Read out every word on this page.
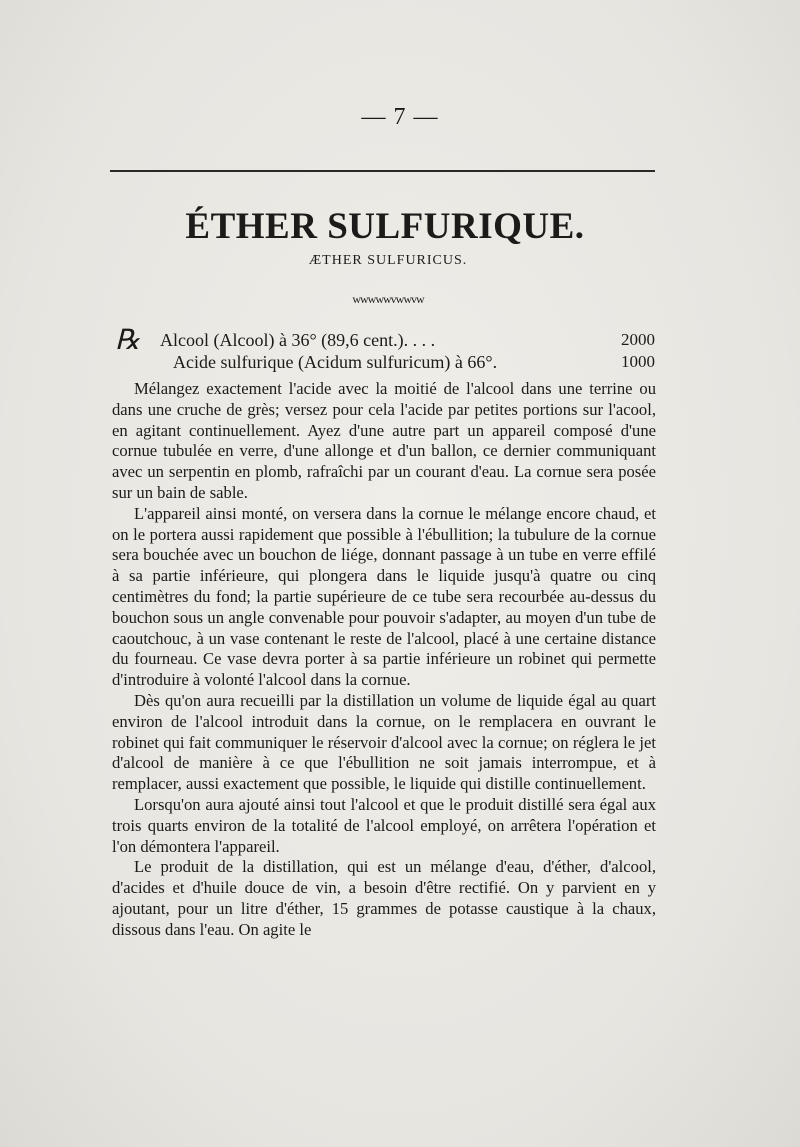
— 7 —
ÉTHER SULFURIQUE.
ÆTHER SULFURICUS.
wwwwwvwwvw
℞ Alcool (Alcool) à 36° (89,6 cent.). . . .	2000
Acide sulfurique (Acidum sulfuricum) à 66°.	1000

Mélangez exactement l'acide avec la moitié de l'alcool dans une terrine ou dans une cruche de grès; versez pour cela l'acide par petites portions sur l'acool, en agitant continuellement. Ayez d'une autre part un appareil composé d'une cornue tubulée en verre, d'une allonge et d'un ballon, ce dernier communiquant avec un serpentin en plomb, rafraîchi par un courant d'eau. La cornue sera posée sur un bain de sable.

L'appareil ainsi monté, on versera dans la cornue le mélange encore chaud, et on le portera aussi rapidement que possible à l'ébullition; la tubulure de la cornue sera bouchée avec un bouchon de liége, donnant passage à un tube en verre effilé à sa partie inférieure, qui plongera dans le liquide jusqu'à quatre ou cinq centimètres du fond; la partie supérieure de ce tube sera recourbée au-dessus du bouchon sous un angle convenable pour pouvoir s'adapter, au moyen d'un tube de caoutchouc, à un vase contenant le reste de l'alcool, placé à une certaine distance du fourneau. Ce vase devra porter à sa partie inférieure un robinet qui permette d'introduire à volonté l'alcool dans la cornue.

Dès qu'on aura recueilli par la distillation un volume de liquide égal au quart environ de l'alcool introduit dans la cornue, on le remplacera en ouvrant le robinet qui fait communiquer le réservoir d'alcool avec la cornue; on réglera le jet d'alcool de manière à ce que l'ébullition ne soit jamais interrompue, et à remplacer, aussi exactement que possible, le liquide qui distille continuellement.

Lorsqu'on aura ajouté ainsi tout l'alcool et que le produit distillé sera égal aux trois quarts environ de la totalité de l'alcool employé, on arrêtera l'opération et l'on démontera l'appareil.

Le produit de la distillation, qui est un mélange d'eau, d'éther, d'alcool, d'acides et d'huile douce de vin, a besoin d'être rectifié. On y parvient en y ajoutant, pour un litre d'éther, 15 grammes de potasse caustique à la chaux, dissous dans l'eau. On agite le
